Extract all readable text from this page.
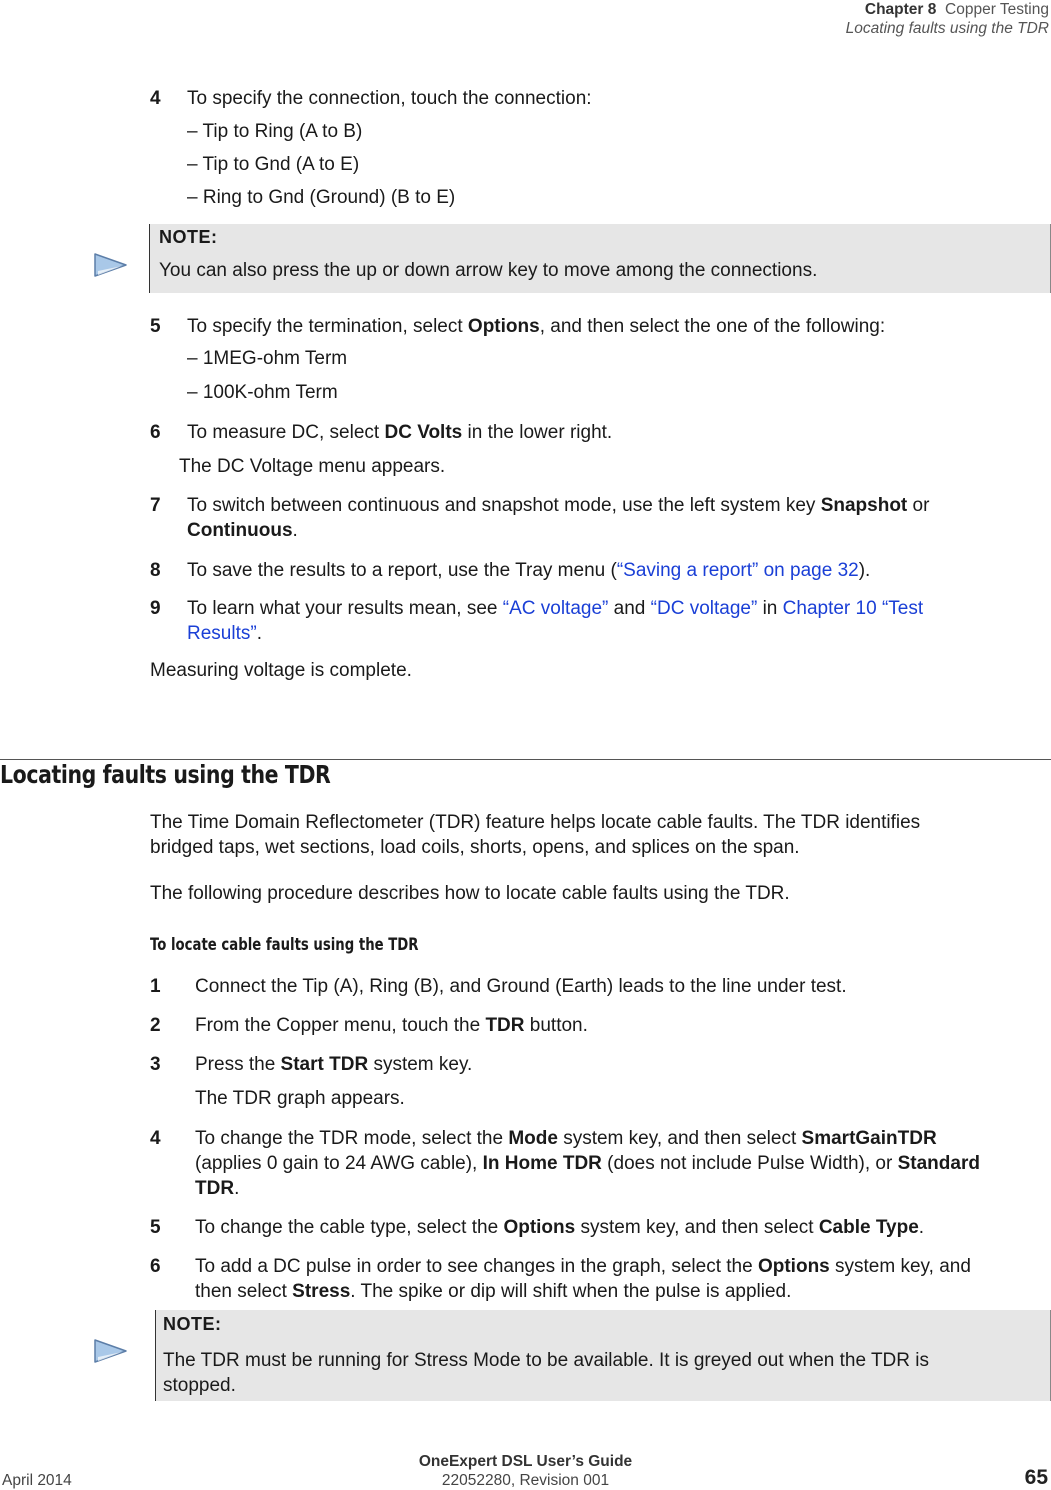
Chapter 8 Copper Testing
Locating faults using the TDR
4 To specify the connection, touch the connection:
– Tip to Ring (A to B)
– Tip to Gnd (A to E)
– Ring to Gnd (Ground) (B to E)
NOTE:
You can also press the up or down arrow key to move among the connections.
5 To specify the termination, select Options, and then select the one of the following:
– 1MEG-ohm Term
– 100K-ohm Term
6 To measure DC, select DC Volts in the lower right.
The DC Voltage menu appears.
7 To switch between continuous and snapshot mode, use the left system key Snapshot or
Continuous.
8 To save the results to a report, use the Tray menu (“Saving a report” on page 32).
9 To learn what your results mean, see “AC voltage” and “DC voltage” in Chapter 10 “Test
Results”.
Measuring voltage is complete.
Locating faults using the TDR
The Time Domain Reflectometer (TDR) feature helps locate cable faults. The TDR identifies
bridged taps, wet sections, load coils, shorts, opens, and splices on the span.
The following procedure describes how to locate cable faults using the TDR.
To locate cable faults using the TDR
1 Connect the Tip (A), Ring (B), and Ground (Earth) leads to the line under test.
2 From the Copper menu, touch the TDR button.
3 Press the Start TDR system key.
The TDR graph appears.
4 To change the TDR mode, select the Mode system key, and then select SmartGainTDR
(applies 0 gain to 24 AWG cable), In Home TDR (does not include Pulse Width), or Standard
TDR.
5 To change the cable type, select the Options system key, and then select Cable Type.
6 To add a DC pulse in order to see changes in the graph, select the Options system key, and
then select Stress. The spike or dip will shift when the pulse is applied.
NOTE:
The TDR must be running for Stress Mode to be available. It is greyed out when the TDR is
stopped.
OneExpert DSL User’s Guide
22052280, Revision 001
April 2014	65
